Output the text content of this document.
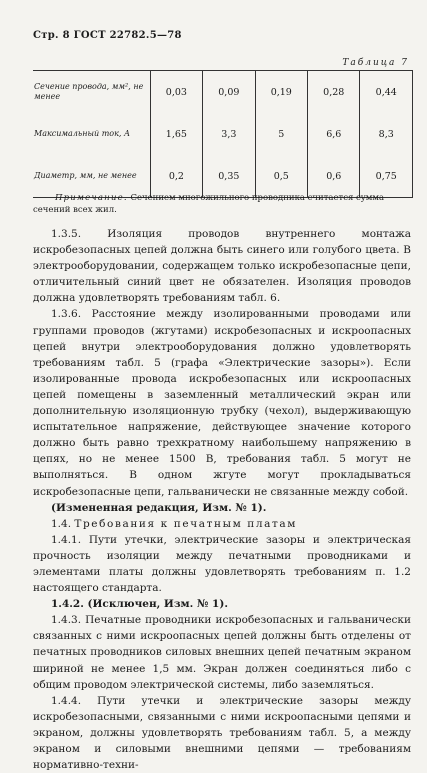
Стр. 8 ГОСТ 22782.5—78
Таблица 7
Сечение провода, мм², не менее	0,03	0,09	0,19	0,28	0,44
Максимальный ток, А	1,65	3,3	5	6,6	8,3
Диаметр, мм, не менее	0,2	0,35	0,5	0,6	0,75
Примечание. Сечением многожильного проводника считается сумма сечений всех жил.

1.3.5. Изоляция проводов внутреннего монтажа искробезопасных цепей должна быть синего или голубого цвета. В электрооборудовании, содержащем только искробезопасные цепи, отличительный синий цвет не обязателен. Изоляция проводов должна удовлетворять требованиям табл. 6.

1.3.6. Расстояние между изолированными проводами или группами проводов (жгутами) искробезопасных и искроопасных цепей внутри электрооборудования должно удовлетворять требованиям табл. 5 (графа «Электрические зазоры»). Если изолированные провода искробезопасных или искроопасных цепей помещены в заземленный металлический экран или дополнительную изоляционную трубку (чехол), выдерживающую испытательное напряжение, действующее значение которого должно быть равно трехкратному наибольшему напряжению в цепях, но не менее 1500 В, требования табл. 5 могут не выполняться. В одном жгуте могут прокладываться искробезопасные цепи, гальванически не связанные между собой.

(Измененная редакция, Изм. № 1).

1.4. Требования к печатным платам

1.4.1. Пути утечки, электрические зазоры и электрическая прочность изоляции между печатными проводниками и элементами платы должны удовлетворять требованиям п. 1.2 настоящего стандарта.

1.4.2. (Исключен, Изм. № 1).

1.4.3. Печатные проводники искробезопасных и гальванически связанных с ними искроопасных цепей должны быть отделены от печатных проводников силовых внешних цепей печатным экраном шириной не менее 1,5 мм. Экран должен соединяться либо с общим проводом электрической системы, либо заземляться.

1.4.4. Пути утечки и электрические зазоры между искробезопасными, связанными с ними искроопасными цепями и экраном, должны удовлетворять требованиям табл. 5, а между экраном и силовыми внешними цепями — требованиям нормативно-техни-
